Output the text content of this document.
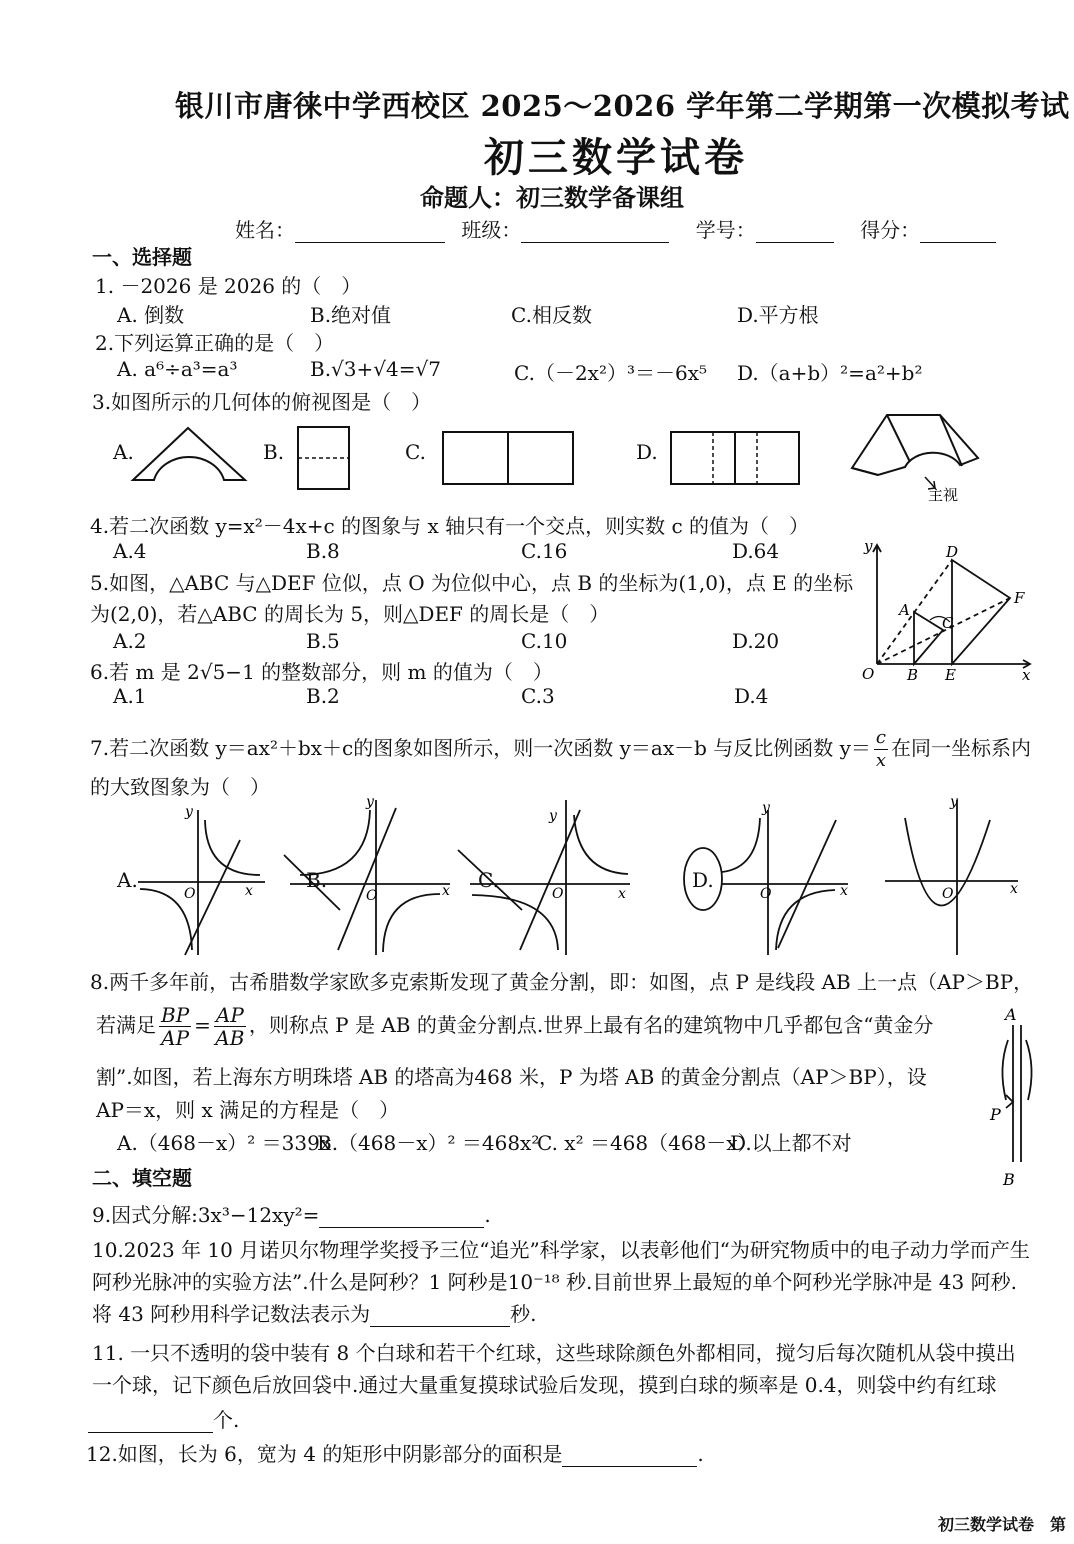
银川市唐徕中学西校区 2025～2026 学年第二学期第一次模拟考试
初三数学试卷
命题人：初三数学备课组
姓名：	班级：	学号：	得分：
一、选择题
1. －2026 是 2026 的（　）
A. 倒数	B.绝对值	C.相反数	D.平方根
2.下列运算正确的是（　）
A. a⁶÷a³=a³	B.√3+√4=√7	C.（－2x²）³＝－6x⁵ D.（a+b）²=a²+b²
3.如图所示的几何体的俯视图是（　）
A.	B.	C.	D.
主视
4.若二次函数 y=x²－4x+c 的图象与 x 轴只有一个交点，则实数 c 的值为（　）
A.4	B.8	C.16	D.64
5.如图，△ABC 与△DEF 位似，点 O 为位似中心，点 B 的坐标为(1,0)，点 E 的坐标
为(2,0)，若△ABC 的周长为 5，则△DEF 的周长是（　）
A.2	B.5	C.10	D.20
y
x
O
A
B
C
D
E
F
6.若 m 是 2√5−1 的整数部分，则 m 的值为（　）
A.1	B.2	C.3	D.4
7.若二次函数 y＝ax²＋bx＋c的图象如图所示，则一次函数 y＝ax－b 与反比例函数 $y= \frac{c}{x}$ 在同一坐标系内
的大致图象为（　）
A.	B.	C.	D.
y
x
O
y
x
O
y
x
O
y
x
O
y
x
O
8.两千多年前，古希腊数学家欧多克索斯发现了黄金分割，即：如图，点 P 是线段 AB 上一点（AP＞BP，
若满足 $\frac{BP}{AP} = \frac{AP}{AB}$ ，则称点 P 是 AB 的黄金分割点.世界上最有名的建筑物中几乎都包含“黄金分
割”.如图，若上海东方明珠塔 AB 的塔高为468 米，P 为塔 AB 的黄金分割点（AP＞BP），设
AP＝x，则 x 满足的方程是（　）
A.（468－x）² ＝339x
B.（468－x）² ＝468x²
C. x² ＝468（468－x）
D.以上都不对
A
P
B
二、填空题
9.因式分解:3x³−12xy²=	.
10.2023 年 10 月诺贝尔物理学奖授予三位“追光”科学家，以表彰他们“为研究物质中的电子动力学而产生
阿秒光脉冲的实验方法”.什么是阿秒？1 阿秒是10⁻¹⁸ 秒.目前世界上最短的单个阿秒光学脉冲是 43 阿秒.
将 43 阿秒用科学记数法表示为	秒.
11. 一只不透明的袋中装有 8 个白球和若干个红球，这些球除颜色外都相同，搅匀后每次随机从袋中摸出
一个球，记下颜色后放回袋中.通过大量重复摸球试验后发现，摸到白球的频率是 0.4，则袋中约有红球
个.
12.如图，长为 6，宽为 4 的矩形中阴影部分的面积是	.
初三数学试卷　第
